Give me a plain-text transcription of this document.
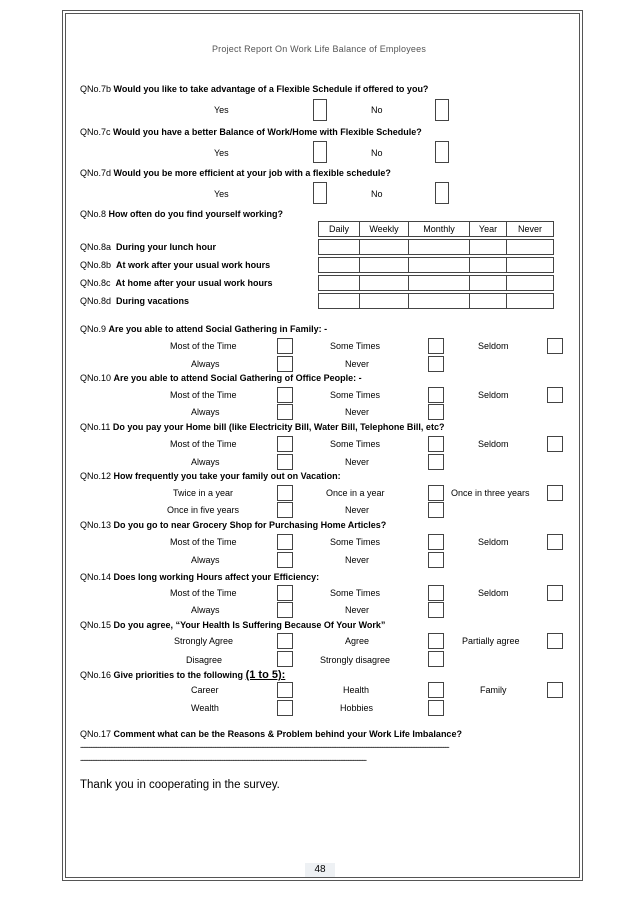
Project Report On Work Life Balance of Employees
QNo.7b Would you like to take advantage of a Flexible Schedule if offered to you?
Yes	No
QNo.7c Would you have a better Balance of Work/Home with Flexible Schedule?
Yes	No
QNo.7d Would you be more efficient at your job with a flexible schedule?
Yes	No
QNo.8 How often do you find yourself working?
Daily	Weekly	Monthly	Year	Never
QNo.8a During your lunch hour
QNo.8b At work after your usual work hours
QNo.8c At home after your usual work hours
QNo.8d During vacations
QNo.9 Are you able to attend Social Gathering in Family: -
Most of the Time	Some Times	Seldom
Always	Never
QNo.10 Are you able to attend Social Gathering of Office People: -
Most of the Time	Some Times	Seldom
Always	Never
QNo.11 Do you pay your Home bill (like Electricity Bill, Water Bill, Telephone Bill, etc?
Most of the Time	Some Times	Seldom
Always	Never
QNo.12 How frequently you take your family out on Vacation:
Twice in a year	Once in a year	Once in three years
Once in five years	Never
QNo.13 Do you go to near Grocery Shop for Purchasing Home Articles?
Most of the Time	Some Times	Seldom
Always	Never
QNo.14 Does long working Hours affect your Efficiency:
Most of the Time	Some Times	Seldom
Always	Never
QNo.15 Do you agree, “Your Health Is Suffering Because Of Your Work”
Strongly Agree	Agree	Partially agree
Disagree	Strongly disagree
QNo.16 Give priorities to the following (1 to 5):
Career	Health	Family
Wealth	Hobbies
QNo.17 Comment what can be the Reasons & Problem behind your Work Life Imbalance?
-------------------------------------------------------------------------------------------------------------------------------------------------------------------------------------------------------------
---------------------------------------------------------------------------------------------------------------------------------------------------------------
Thank you in cooperating in the survey.
48
